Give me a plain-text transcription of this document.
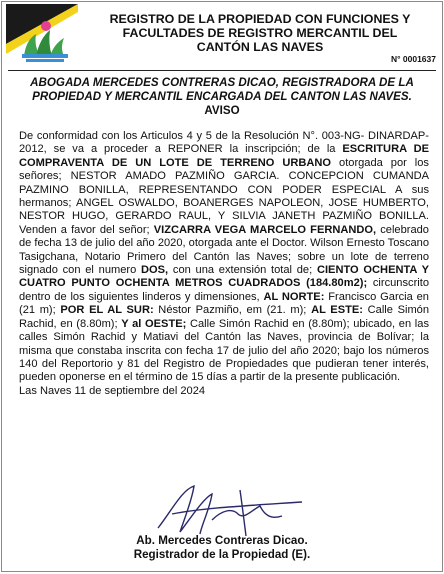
REGISTRO DE LA PROPIEDAD CON FUNCIONES Y
FACULTADES DE REGISTRO MERCANTIL DEL
CANTÓN LAS NAVES
N° 0001637
ABOGADA MERCEDES CONTRERAS DICAO, REGISTRADORA DE LA PROPIEDAD Y MERCANTIL ENCARGADA DEL CANTON LAS NAVES.
AVISO
De conformidad con los Articulos 4 y 5 de la Resolución N°. 003-NG- DINARDAP-2012, se va a proceder a REPONER la inscripción; de la ESCRITURA DE COMPRAVENTA DE UN LOTE DE TERRENO URBANO otorgada por los señores; NESTOR AMADO PAZMIÑO GARCIA. CONCEPCION CUMANDA PAZMINO BONILLA, REPRESENTANDO CON PODER ESPECIAL A sus hermanos; ANGEL OSWALDO, BOANERGES NAPOLEON, JOSE HUMBERTO, NESTOR HUGO, GERARDO RAUL, Y SILVIA JANETH PAZMIÑO BONILLA. Venden a favor del señor; VIZCARRA VEGA MARCELO FERNANDO, celebrado de fecha 13 de julio del año 2020, otorgada ante el Doctor. Wilson Ernesto Toscano Tasigchana, Notario Primero del Cantón las Naves; sobre un lote de terreno signado con el numero DOS, con una extensión total de; CIENTO OCHENTA Y CUATRO PUNTO OCHENTA METROS CUADRADOS (184.80m2); circunscrito dentro de los siguientes linderos y dimensiones, AL NORTE: Francisco Garcia en (21 m); POR EL AL SUR: Néstor Pazmiño, em (21. m); AL ESTE: Calle Simón Rachid, en (8.80m); Y al OESTE; Calle Simón Rachid en (8.80m); ubicado, en las calles Simón Rachid y Matiavi del Cantón las Naves, provincia de Bolívar; la misma que constaba inscrita con fecha 17 de julio del año 2020; bajo los números 140 del Reportorio y 81 del Registro de Propiedades que pudieran tener interés, pueden oponerse en el término de 15 días a partir de la presente publicación.
Las Naves 11 de septiembre del 2024
Ab. Mercedes Contreras Dicao.
Registrador de la Propiedad (E).
